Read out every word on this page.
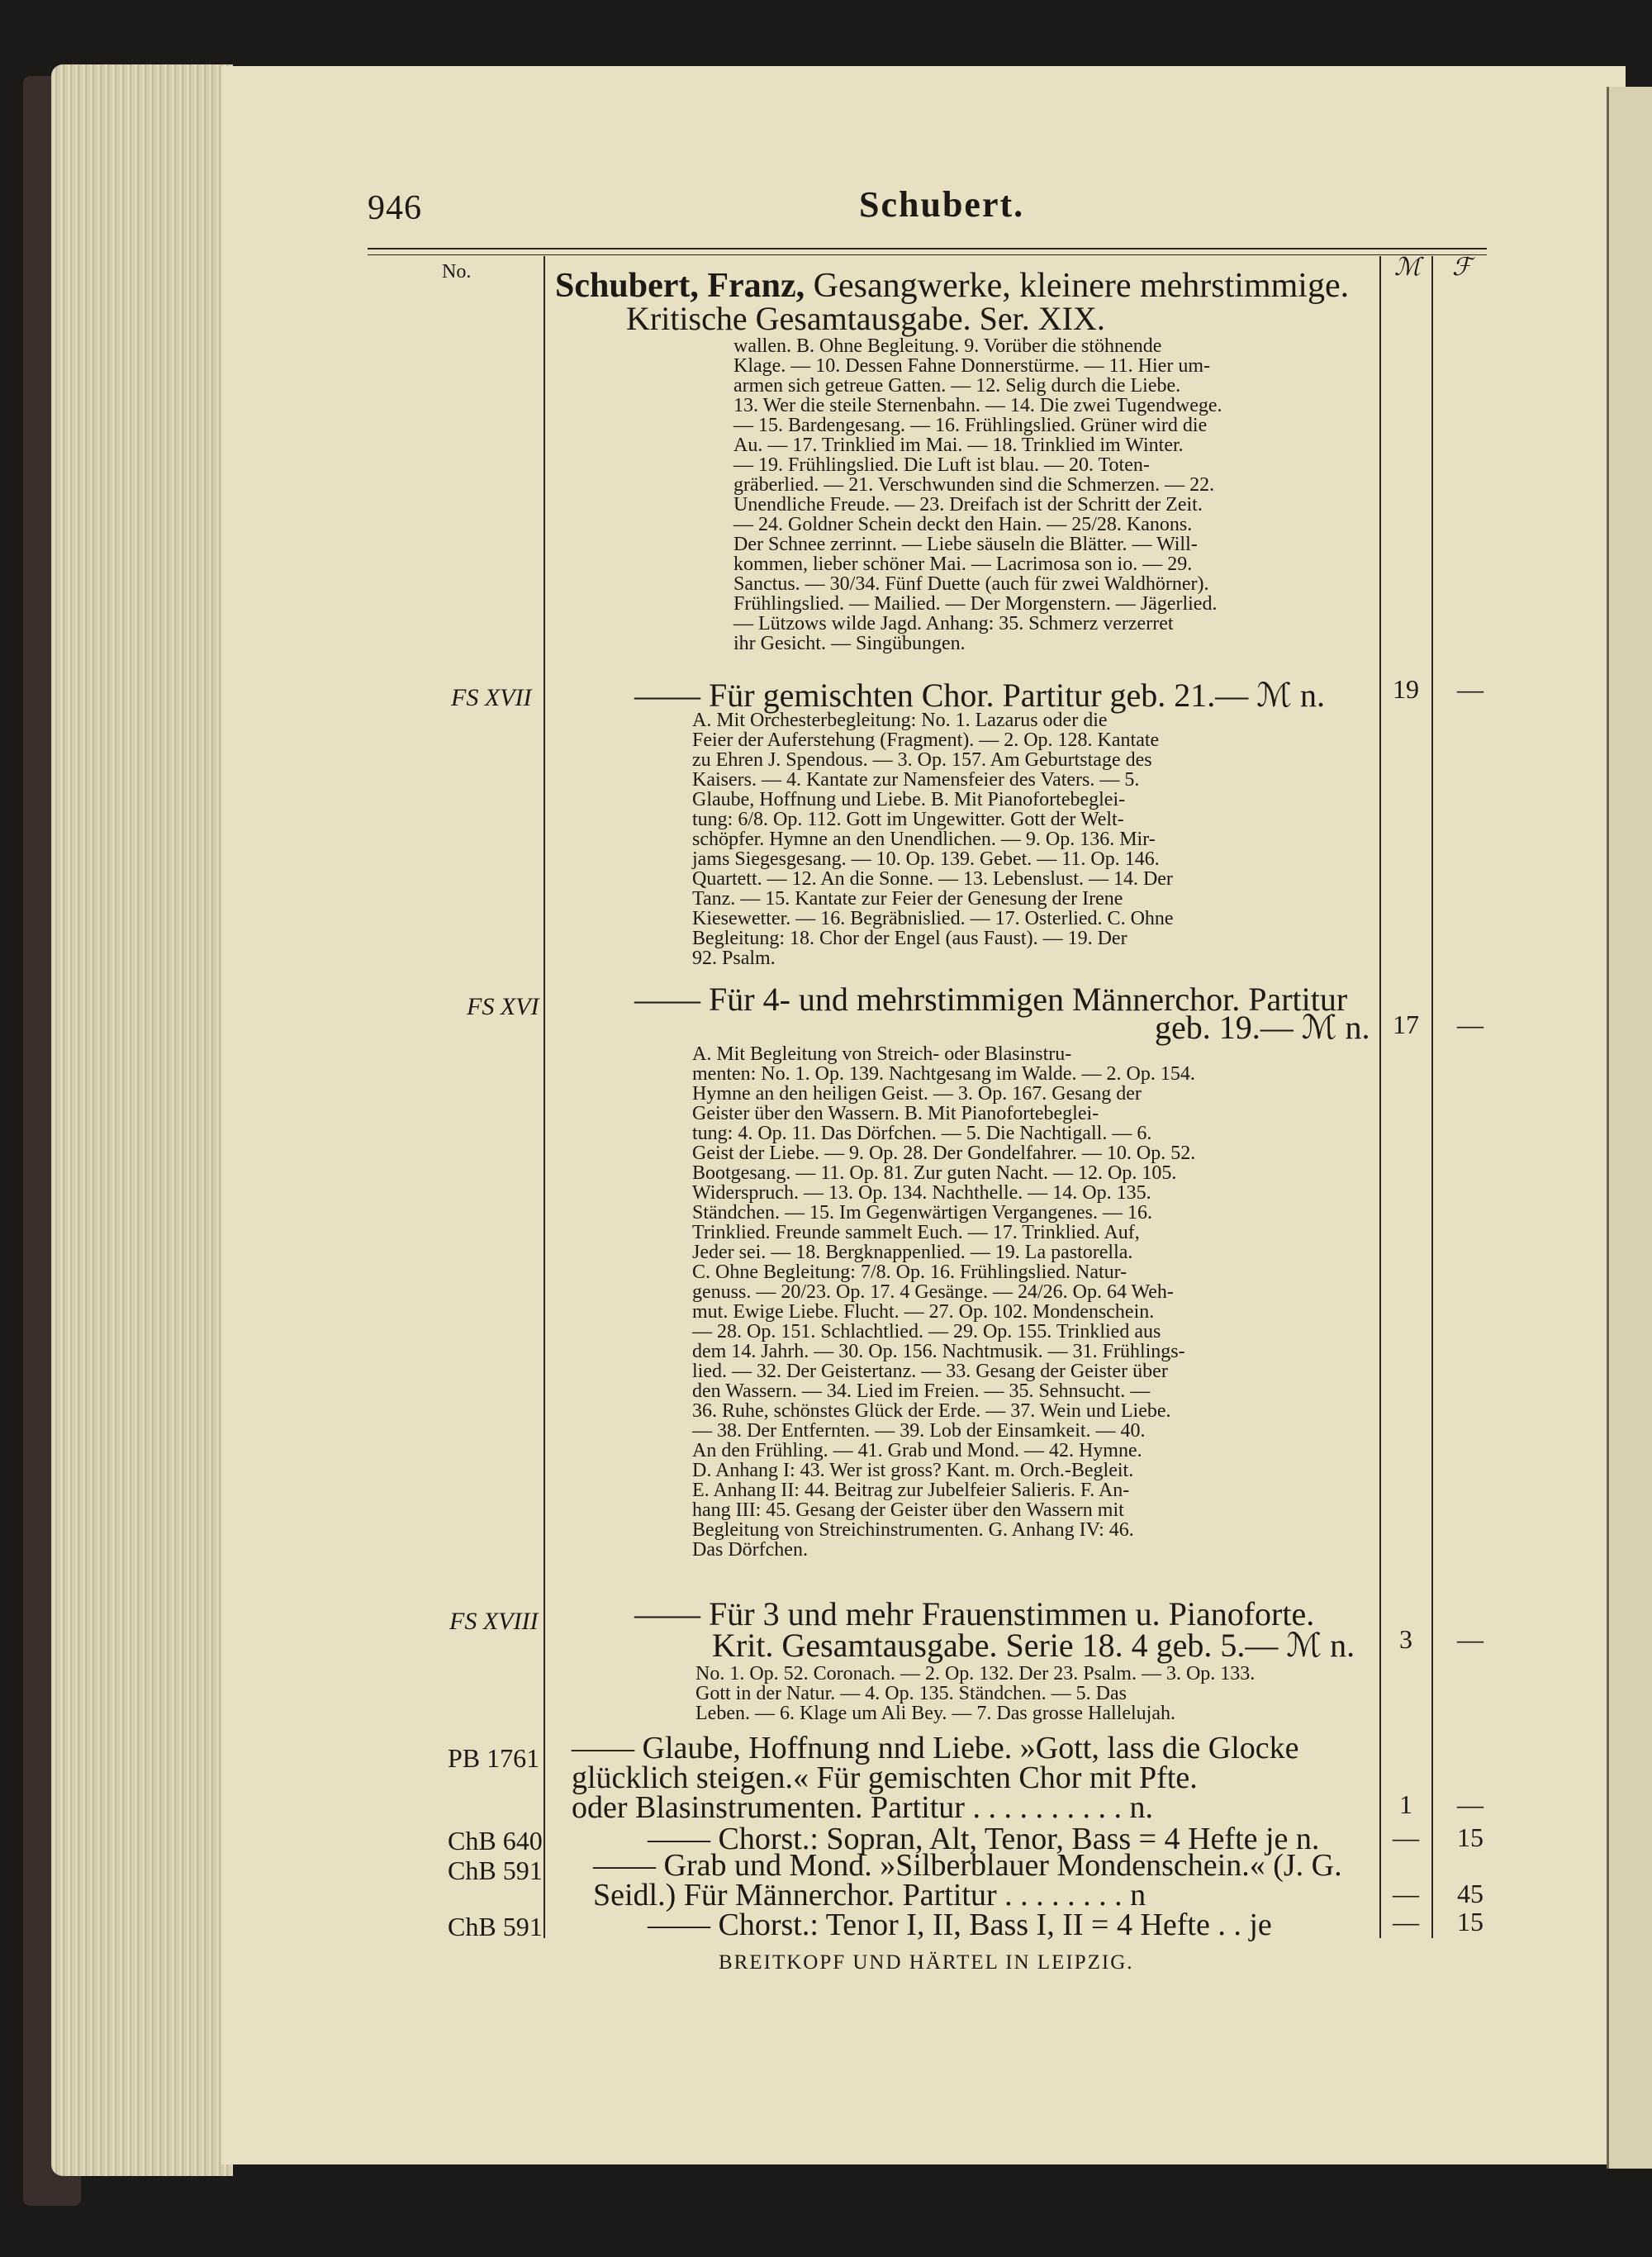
946	Schubert.
No.	ℳ ℱ
Schubert, Franz, Gesangwerke, kleinere mehrstimmige.
Kritische Gesamtausgabe. Ser. XIX.

wallen. B. Ohne Begleitung. 9. Vorüber die stöhnende

Klage. — 10. Dessen Fahne Donnerstürme. — 11. Hier um-

armen sich getreue Gatten. — 12. Selig durch die Liebe.

13. Wer die steile Sternenbahn. — 14. Die zwei Tugendwege.

— 15. Bardengesang. — 16. Frühlingslied. Grüner wird die

Au. — 17. Trinklied im Mai. — 18. Trinklied im Winter.

— 19. Frühlingslied. Die Luft ist blau. — 20. Toten-

gräberlied. — 21. Verschwunden sind die Schmerzen. — 22.

Unendliche Freude. — 23. Dreifach ist der Schritt der Zeit.

— 24. Goldner Schein deckt den Hain. — 25/28. Kanons.

Der Schnee zerrinnt. — Liebe säuseln die Blätter. — Will-

kommen, lieber schöner Mai. — Lacrimosa son io. — 29.

Sanctus. — 30/34. Fünf Duette (auch für zwei Waldhörner).

Frühlingslied. — Mailied. — Der Morgenstern. — Jägerlied.

— Lützows wilde Jagd. Anhang: 35. Schmerz verzerret

ihr Gesicht. — Singübungen.

FS XVII	—— Für gemischten Chor. Partitur geb. 21.— ℳ n.	19	—

A. Mit Orchesterbegleitung: No. 1. Lazarus oder die

Feier der Auferstehung (Fragment). — 2. Op. 128. Kantate

zu Ehren J. Spendous. — 3. Op. 157. Am Geburtstage des

Kaisers. — 4. Kantate zur Namensfeier des Vaters. — 5.

Glaube, Hoffnung und Liebe. B. Mit Pianofortebeglei-

tung: 6/8. Op. 112. Gott im Ungewitter. Gott der Welt-

schöpfer. Hymne an den Unendlichen. — 9. Op. 136. Mir-

jams Siegesgesang. — 10. Op. 139. Gebet. — 11. Op. 146.

Quartett. — 12. An die Sonne. — 13. Lebenslust. — 14. Der

Tanz. — 15. Kantate zur Feier der Genesung der Irene

Kiesewetter. — 16. Begräbnislied. — 17. Osterlied. C. Ohne

Begleitung: 18. Chor der Engel (aus Faust). — 19. Der

92. Psalm.

FS XVI	—— Für 4- und mehrstimmigen Männerchor. Partitur
geb. 19.— ℳ n. 17	—

A. Mit Begleitung von Streich- oder Blasinstru-

menten: No. 1. Op. 139. Nachtgesang im Walde. — 2. Op. 154.

Hymne an den heiligen Geist. — 3. Op. 167. Gesang der

Geister über den Wassern. B. Mit Pianofortebeglei-

tung: 4. Op. 11. Das Dörfchen. — 5. Die Nachtigall. — 6.

Geist der Liebe. — 9. Op. 28. Der Gondelfahrer. — 10. Op. 52.

Bootgesang. — 11. Op. 81. Zur guten Nacht. — 12. Op. 105.

Widerspruch. — 13. Op. 134. Nachthelle. — 14. Op. 135.

Ständchen. — 15. Im Gegenwärtigen Vergangenes. — 16.

Trinklied. Freunde sammelt Euch. — 17. Trinklied. Auf,

Jeder sei. — 18. Bergknappenlied. — 19. La pastorella.

C. Ohne Begleitung: 7/8. Op. 16. Frühlingslied. Natur-

genuss. — 20/23. Op. 17. 4 Gesänge. — 24/26. Op. 64 Weh-

mut. Ewige Liebe. Flucht. — 27. Op. 102. Mondenschein.

— 28. Op. 151. Schlachtlied. — 29. Op. 155. Trinklied aus

dem 14. Jahrh. — 30. Op. 156. Nachtmusik. — 31. Frühlings-

lied. — 32. Der Geistertanz. — 33. Gesang der Geister über

den Wassern. — 34. Lied im Freien. — 35. Sehnsucht. —

36. Ruhe, schönstes Glück der Erde. — 37. Wein und Liebe.

— 38. Der Entfernten. — 39. Lob der Einsamkeit. — 40.

An den Frühling. — 41. Grab und Mond. — 42. Hymne.

D. Anhang I: 43. Wer ist gross? Kant. m. Orch.-Begleit.

E. Anhang II: 44. Beitrag zur Jubelfeier Salieris. F. An-

hang III: 45. Gesang der Geister über den Wassern mit

Begleitung von Streichinstrumenten. G. Anhang IV: 46.

Das Dörfchen.

FS XVIII	—— Für 3 und mehr Frauenstimmen u. Pianoforte.
Krit. Gesamtausgabe. Serie 18. 4 geb. 5.— ℳ n.	3	—

No. 1. Op. 52. Coronach. — 2. Op. 132. Der 23. Psalm. — 3. Op. 133.

Gott in der Natur. — 4. Op. 135. Ständchen. — 5. Das

Leben. — 6. Klage um Ali Bey. — 7. Das grosse Hallelujah.

PB 1761 —— Glaube, Hoffnung nnd Liebe. »Gott, lass die Glocke
glücklich steigen.« Für gemischten Chor mit Pfte.
oder Blasinstrumenten. Partitur . . . . . . . . . . n.	1	—
ChB 640	—— Chorst.: Sopran, Alt, Tenor, Bass = 4 Hefte je n.	—	15
ChB 591 —— Grab und Mond. »Silberblauer Mondenschein.« (J. G.
Seidl.) Für Männerchor. Partitur . . . . . . . . n	—	45
ChB 591	—— Chorst.: Tenor I, II, Bass I, II = 4 Hefte . . je	—	15
BREITKOPF UND HÄRTEL IN LEIPZIG.
